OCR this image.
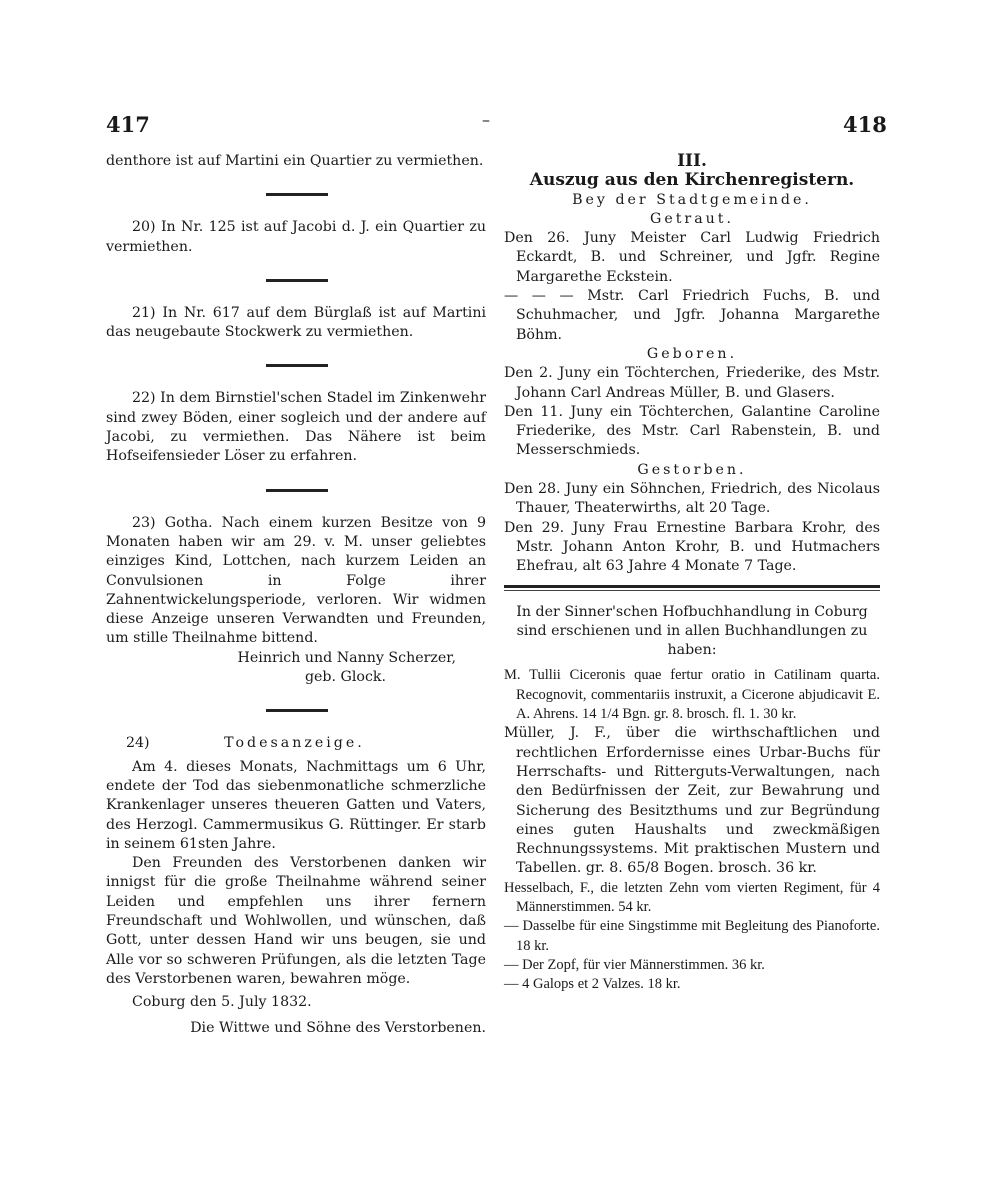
417	–	418

denthore ist auf Martini ein Quartier zu vermiethen.

20) In Nr. 125 ist auf Jacobi d. J. ein Quartier zu vermiethen.

21) In Nr. 617 auf dem Bürglaß ist auf Martini das neugebaute Stockwerk zu vermiethen.

22) In dem Birnstiel'schen Stadel im Zinkenwehr sind zwey Böden, einer sogleich und der andere auf Jacobi, zu vermiethen. Das Nähere ist beim Hofseifensieder Löser zu erfahren.

23) Gotha. Nach einem kurzen Besitze von 9 Monaten haben wir am 29. v. M. unser geliebtes einziges Kind, Lottchen, nach kurzem Leiden an Convulsionen in Folge ihrer Zahnentwickelungsperiode, verloren. Wir widmen diese Anzeige unseren Verwandten und Freunden, um stille Theilnahme bittend.

Heinrich und Nanny Scherzer,

geb. Glock.

24)	Todesanzeige.

Am 4. dieses Monats, Nachmittags um 6 Uhr, endete der Tod das siebenmonatliche schmerzliche Krankenlager unseres theueren Gatten und Vaters, des Herzogl. Cammermusikus G. Rüttinger. Er starb in seinem 61sten Jahre.

Den Freunden des Verstorbenen danken wir innigst für die große Theilnahme während seiner Leiden und empfehlen uns ihrer fernern Freundschaft und Wohlwollen, und wünschen, daß Gott, unter dessen Hand wir uns beugen, sie und Alle vor so schweren Prüfungen, als die letzten Tage des Verstorbenen waren, bewahren möge.

Coburg den 5. July 1832.

Die Wittwe und Söhne des Verstorbenen.

III.

Auszug aus den Kirchenregistern.

Bey der Stadtgemeinde.

Getraut.

Den 26. Juny Meister Carl Ludwig Friedrich Eckardt, B. und Schreiner, und Jgfr. Regine Margarethe Eckstein.

— — — Mstr. Carl Friedrich Fuchs, B. und Schuhmacher, und Jgfr. Johanna Margarethe Böhm.

Geboren.

Den 2. Juny ein Töchterchen, Friederike, des Mstr. Johann Carl Andreas Müller, B. und Glasers.

Den 11. Juny ein Töchterchen, Galantine Caroline Friederike, des Mstr. Carl Rabenstein, B. und Messerschmieds.

Gestorben.

Den 28. Juny ein Söhnchen, Friedrich, des Nicolaus Thauer, Theaterwirths, alt 20 Tage.

Den 29. Juny Frau Ernestine Barbara Krohr, des Mstr. Johann Anton Krohr, B. und Hutmachers Ehefrau, alt 63 Jahre 4 Monate 7 Tage.

In der Sinner'schen Hofbuchhandlung in Coburg sind erschienen und in allen Buchhandlungen zu haben:

M. Tullii Ciceronis quae fertur oratio in Catilinam quarta. Recognovit, commentariis instruxit, a Cicerone abjudicavit E. A. Ahrens. 14 1/4 Bgn. gr. 8. brosch. fl. 1. 30 kr.

Müller, J. F., über die wirthschaftlichen und rechtlichen Erfordernisse eines Urbar-Buchs für Herrschafts- und Ritterguts-Verwaltungen, nach den Bedürfnissen der Zeit, zur Bewahrung und Sicherung des Besitzthums und zur Begründung eines guten Haushalts und zweckmäßigen Rechnungssystems. Mit praktischen Mustern und Tabellen. gr. 8. 65/8 Bogen. brosch. 36 kr.

Hesselbach, F., die letzten Zehn vom vierten Regiment, für 4 Männerstimmen. 54 kr.

— Dasselbe für eine Singstimme mit Begleitung des Pianoforte. 18 kr.

— Der Zopf, für vier Männerstimmen. 36 kr.

— 4 Galops et 2 Valzes. 18 kr.
